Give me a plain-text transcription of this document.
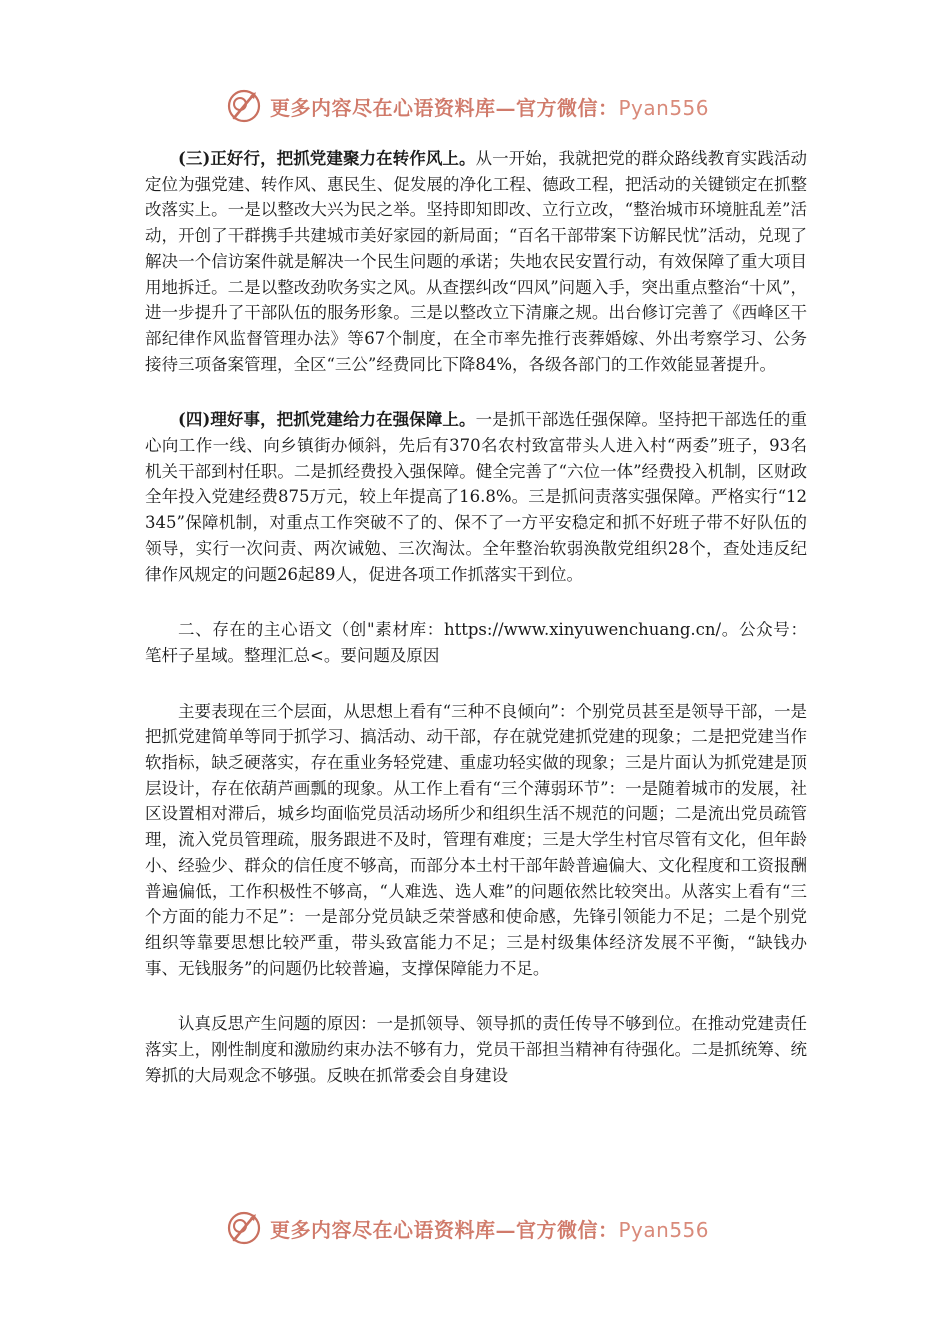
更多内容尽在心语资料库—官方微信：Pyan556

(三)正好行，把抓党建聚力在转作风上。从一开始，我就把党的群众路线教育实践活动定位为强党建、转作风、惠民生、促发展的净化工程、德政工程，把活动的关键锁定在抓整改落实上。一是以整改大兴为民之举。坚持即知即改、立行立改，“整治城市环境脏乱差”活动，开创了干群携手共建城市美好家园的新局面；“百名干部带案下访解民忧”活动，兑现了解决一个信访案件就是解决一个民生问题的承诺；失地农民安置行动，有效保障了重大项目用地拆迁。二是以整改劲吹务实之风。从查摆纠改“四风”问题入手，突出重点整治“十风”，进一步提升了干部队伍的服务形象。三是以整改立下清廉之规。出台修订完善了《西峰区干部纪律作风监督管理办法》等67个制度，在全市率先推行丧葬婚嫁、外出考察学习、公务接待三项备案管理，全区“三公”经费同比下降84%，各级各部门的工作效能显著提升。

(四)理好事，把抓党建给力在强保障上。一是抓干部选任强保障。坚持把干部选任的重心向工作一线、向乡镇街办倾斜，先后有370名农村致富带头人进入村“两委”班子，93名机关干部到村任职。二是抓经费投入强保障。健全完善了“六位一体”经费投入机制，区财政全年投入党建经费875万元，较上年提高了16.8%。三是抓问责落实强保障。严格实行“12345”保障机制，对重点工作突破不了的、保不了一方平安稳定和抓不好班子带不好队伍的领导，实行一次问责、两次诫勉、三次淘汰。全年整治软弱涣散党组织28个，查处违反纪律作风规定的问题26起89人，促进各项工作抓落实干到位。

二、存在的主心语文（创"素材库：https://www.xinyuwenchuang.cn/。公众号：笔杆子星域。整理汇总<。要问题及原因

主要表现在三个层面，从思想上看有“三种不良倾向”：个别党员甚至是领导干部，一是把抓党建简单等同于抓学习、搞活动、动干部，存在就党建抓党建的现象；二是把党建当作软指标，缺乏硬落实，存在重业务轻党建、重虚功轻实做的现象；三是片面认为抓党建是顶层设计，存在依葫芦画瓢的现象。从工作上看有“三个薄弱环节”：一是随着城市的发展，社区设置相对滞后，城乡均面临党员活动场所少和组织生活不规范的问题；二是流出党员疏管理，流入党员管理疏，服务跟进不及时，管理有难度；三是大学生村官尽管有文化，但年龄小、经验少、群众的信任度不够高，而部分本土村干部年龄普遍偏大、文化程度和工资报酬普遍偏低，工作积极性不够高，“人难选、选人难”的问题依然比较突出。从落实上看有“三个方面的能力不足”：一是部分党员缺乏荣誉感和使命感，先锋引领能力不足；二是个别党组织等靠要思想比较严重，带头致富能力不足；三是村级集体经济发展不平衡，“缺钱办事、无钱服务”的问题仍比较普遍，支撑保障能力不足。

认真反思产生问题的原因：一是抓领导、领导抓的责任传导不够到位。在推动党建责任落实上，刚性制度和激励约束办法不够有力，党员干部担当精神有待强化。二是抓统筹、统筹抓的大局观念不够强。反映在抓常委会自身建设

更多内容尽在心语资料库—官方微信：Pyan556
